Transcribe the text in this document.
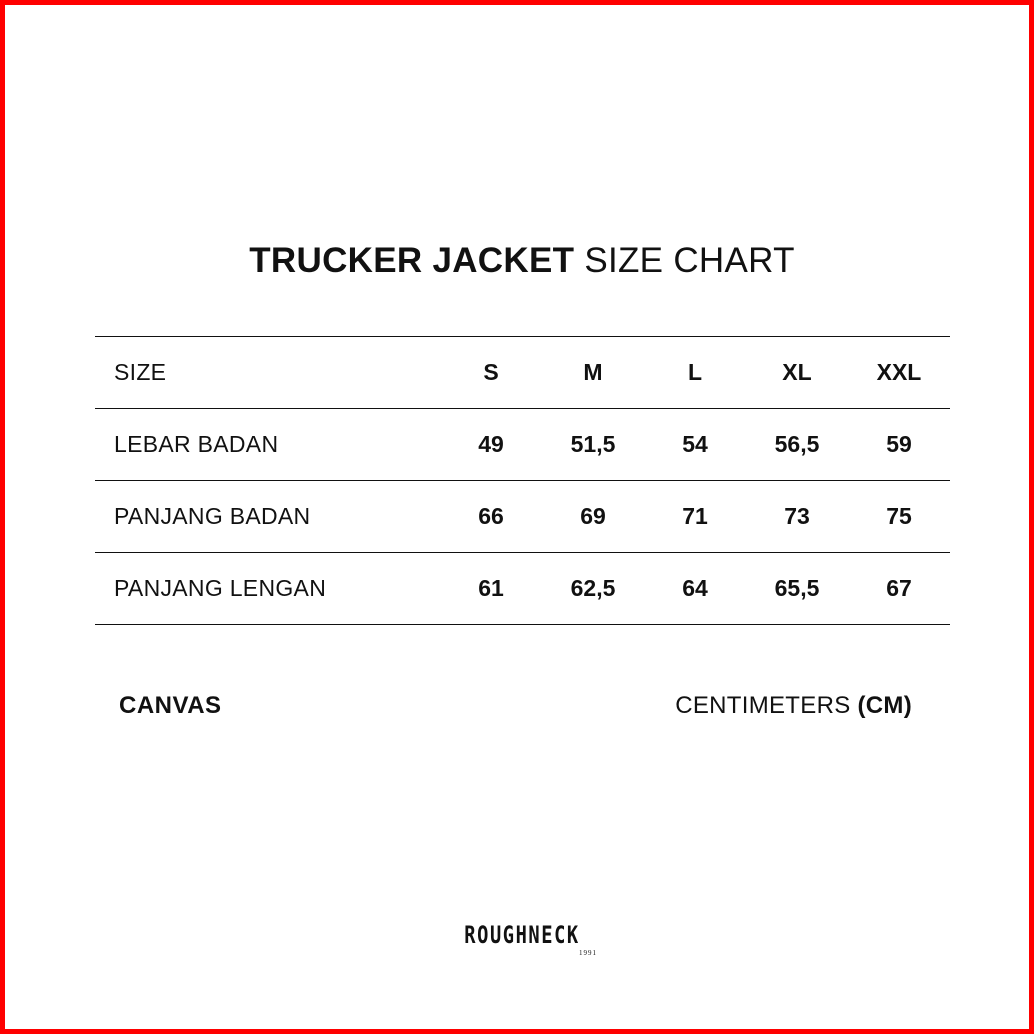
TRUCKER JACKET SIZE CHART
SIZE	S	M	L	XL	XXL
LEBAR BADAN	49	51,5	54	56,5	59
PANJANG BADAN	66	69	71	73	75
PANJANG LENGAN	61	62,5	64	65,5	67
CANVAS	CENTIMETERS (CM)
ROUGHNECK
1991
